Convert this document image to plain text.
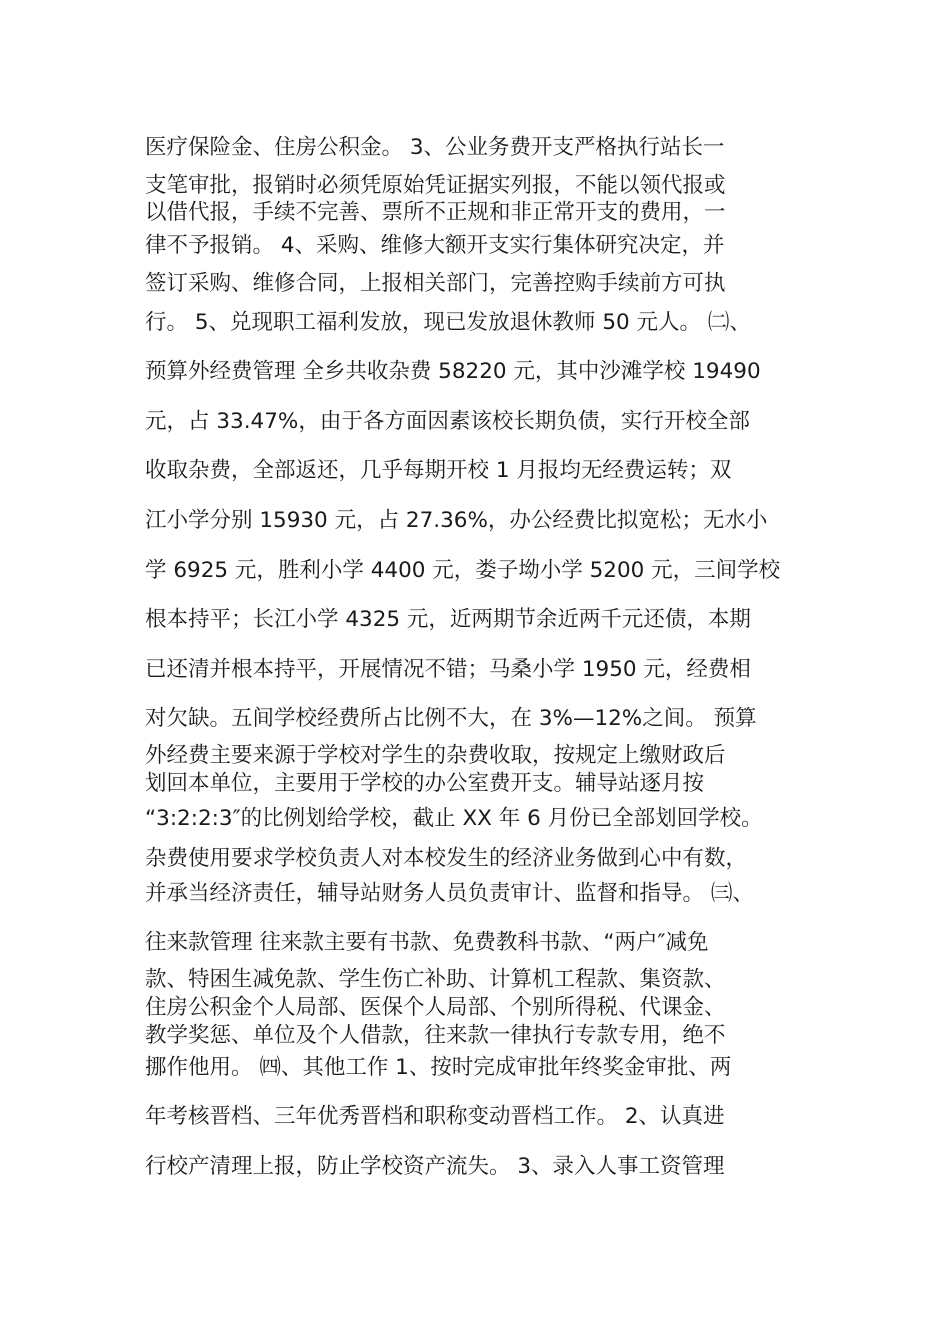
医疗保险金、住房公积金。 3、公业务费开支严格执行站长一
支笔审批，报销时必须凭原始凭证据实列报，不能以领代报或
以借代报，手续不完善、票所不正规和非正常开支的费用，一
律不予报销。 4、采购、维修大额开支实行集体研究决定，并
签订采购、维修合同，上报相关部门，完善控购手续前方可执
行。 5、兑现职工福利发放，现已发放退休教师 50 元人。 ㈡、
预算外经费管理 全乡共收杂费 58220 元，其中沙滩学校 19490
元，占 33.47%，由于各方面因素该校长期负债，实行开校全部
收取杂费，全部返还，几乎每期开校 1 月报均无经费运转；双
江小学分别 15930 元，占 27.36%，办公经费比拟宽松；无水小
学 6925 元，胜利小学 4400 元，娄子坳小学 5200 元，三间学校
根本持平；长江小学 4325 元，近两期节余近两千元还债，本期
已还清并根本持平，开展情况不错；马桑小学 1950 元，经费相
对欠缺。五间学校经费所占比例不大，在 3%—12%之间。 预算
外经费主要来源于学校对学生的杂费收取，按规定上缴财政后
划回本单位，主要用于学校的办公室费开支。辅导站逐月按
“3:2:2:3″的比例划给学校，截止 XX 年 6 月份已全部划回学校。
杂费使用要求学校负责人对本校发生的经济业务做到心中有数，
并承当经济责任，辅导站财务人员负责审计、监督和指导。 ㈢、
往来款管理 往来款主要有书款、免费教科书款、“两户″减免
款、特困生减免款、学生伤亡补助、计算机工程款、集资款、
住房公积金个人局部、医保个人局部、个别所得税、代课金、
教学奖惩、单位及个人借款，往来款一律执行专款专用，绝不
挪作他用。 ㈣、其他工作 1、按时完成审批年终奖金审批、两
年考核晋档、三年优秀晋档和职称变动晋档工作。 2、认真进
行校产清理上报，防止学校资产流失。 3、录入人事工资管理
